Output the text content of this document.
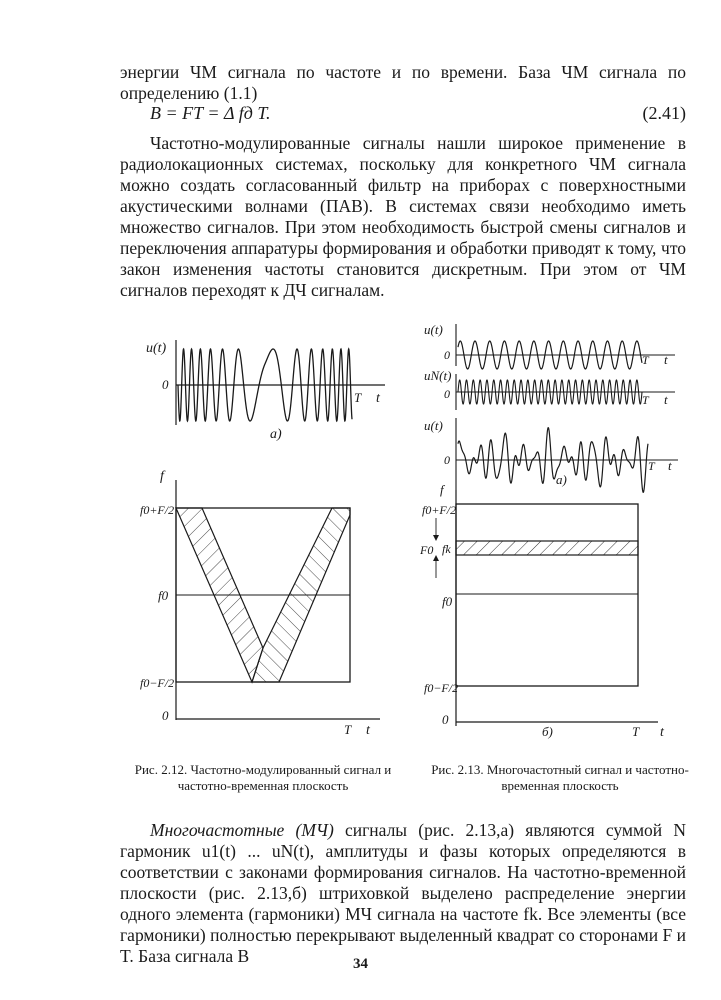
энергии ЧМ сигнала по частоте и по времени. База ЧМ сигнала по определению (1.1)

B = FT = Δ fд T.	(2.41)

Частотно-модулированные сигналы нашли широкое применение в радиолокационных системах, поскольку для конкретного ЧМ сигнала можно создать согласованный фильтр на приборах с поверхностными акустическими волнами (ПАВ). В системах связи необходимо иметь множество сигналов. При этом необходимость быстрой смены сигналов и переключения аппаратуры формирования и обработки приводят к тому, что закон изменения частоты становится дискретным. При этом от ЧМ сигналов переходят к ДЧ сигналам.

u(t)
0
T t
а)
f
f0+F/2
f0
f0−F/2
0
T t
Рис. 2.12. Частотно-модулированный сигнал и частотно-временная плоскость
u(t)
0	T t
uN(t)
0	T t
u(t)
0	T t
а)
f
f0+F/2
F0 fk
f0
f0−F/2
0
б)	T t
Рис. 2.13. Многочастотный сигнал и частотно-временная плоскость

Многочастотные (МЧ) сигналы (рис. 2.13,а) являются суммой N гармоник u1(t) ... uN(t), амплитуды и фазы которых определяются в соответствии с законами формирования сигналов. На частотно-временной плоскости (рис. 2.13,б) штриховкой выделено распределение энергии одного элемента (гармоники) МЧ сигнала на частоте fk. Все элементы (все гармоники) полностью перекрывают выделенный квадрат со сторонами F и T. База сигнала B	34
